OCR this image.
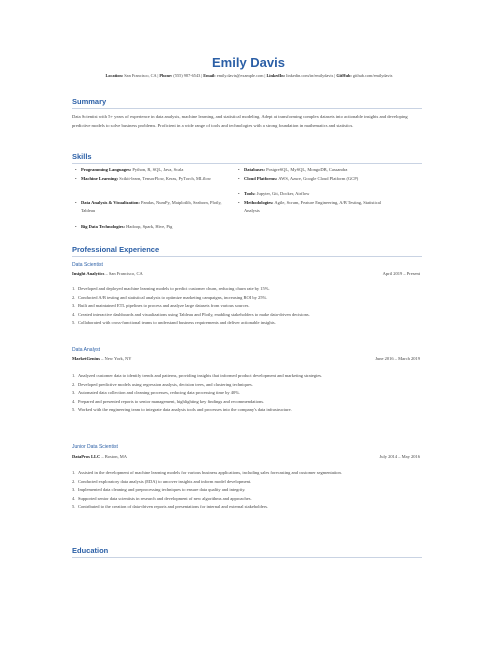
Emily Davis
Location: San Francisco, CA | Phone: (555) 987-6543 | Email: emily.davis@example.com | LinkedIn: linkedin.com/in/emilydavis | GitHub: github.com/emilydavis
Summary
Data Scientist with 5+ years of experience in data analysis, machine learning, and statistical modeling. Adept at transforming complex datasets into actionable insights and developing predictive models to solve business problems. Proficient in a wide range of tools and technologies with a strong foundation in mathematics and statistics.
Skills
• Programming Languages: Python, R, SQL, Java, Scala
• Machine Learning: Scikit-learn, TensorFlow, Keras, PyTorch, MLflow
• Data Analysis & Visualization: Pandas, NumPy, Matplotlib, Seaborn, Plotly, Tableau
• Big Data Technologies: Hadoop, Spark, Hive, Pig
• Databases: PostgreSQL, MySQL, MongoDB, Cassandra
• Cloud Platforms: AWS, Azure, Google Cloud Platform (GCP)
• Tools: Jupyter, Git, Docker, Airflow
• Methodologies: Agile, Scrum, Feature Engineering, A/B Testing, Statistical Analysis
Professional Experience
Data Scientist
Insight Analytics – San Francisco, CA	April 2019 – Present
1. Developed and deployed machine learning models to predict customer churn, reducing churn rate by 15%.
2. Conducted A/B testing and statistical analysis to optimize marketing campaigns, increasing ROI by 25%.
3. Built and maintained ETL pipelines to process and analyze large datasets from various sources.
4. Created interactive dashboards and visualizations using Tableau and Plotly, enabling stakeholders to make data-driven decisions.
5. Collaborated with cross-functional teams to understand business requirements and deliver actionable insights.
Data Analyst
MarketGenius – New York, NY	June 2016 – March 2019
1. Analyzed customer data to identify trends and patterns, providing insights that informed product development and marketing strategies.
2. Developed predictive models using regression analysis, decision trees, and clustering techniques.
3. Automated data collection and cleaning processes, reducing data processing time by 40%.
4. Prepared and presented reports to senior management, highlighting key findings and recommendations.
5. Worked with the engineering team to integrate data analysis tools and processes into the company's data infrastructure.
Junior Data Scientist
DataPros LLC – Boston, MA	July 2014 – May 2016
1. Assisted in the development of machine learning models for various business applications, including sales forecasting and customer segmentation.
2. Conducted exploratory data analysis (EDA) to uncover insights and inform model development.
3. Implemented data cleaning and preprocessing techniques to ensure data quality and integrity.
4. Supported senior data scientists in research and development of new algorithms and approaches.
5. Contributed to the creation of data-driven reports and presentations for internal and external stakeholders.
Education
